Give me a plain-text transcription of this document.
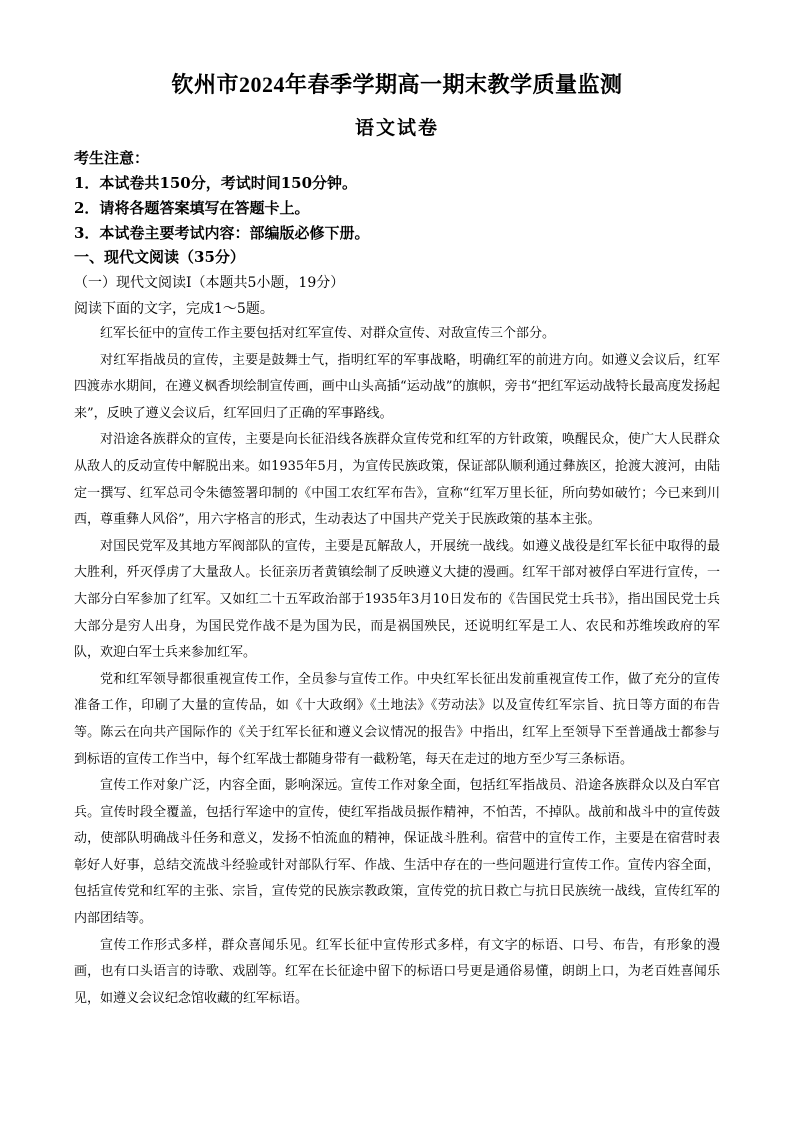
钦州市2024年春季学期高一期末教学质量监测
语文试卷
考生注意：
1．本试卷共150分，考试时间150分钟。
2．请将各题答案填写在答题卡上。
3．本试卷主要考试内容：部编版必修下册。
一、现代文阅读（35分）
（一）现代文阅读Ⅰ（本题共5小题，19分）
阅读下面的文字，完成1～5题。

红军长征中的宣传工作主要包括对红军宣传、对群众宣传、对敌宣传三个部分。

对红军指战员的宣传，主要是鼓舞士气，指明红军的军事战略，明确红军的前进方向。如遵义会议后，红军四渡赤水期间，在遵义枫香坝绘制宣传画，画中山头高插“运动战”的旗帜，旁书“把红军运动战特长最高度发扬起来”，反映了遵义会议后，红军回归了正确的军事路线。

对沿途各族群众的宣传，主要是向长征沿线各族群众宣传党和红军的方针政策，唤醒民众，使广大人民群众从敌人的反动宣传中解脱出来。如1935年5月，为宣传民族政策，保证部队顺利通过彝族区，抢渡大渡河，由陆定一撰写、红军总司令朱德签署印制的《中国工农红军布告》，宣称“红军万里长征，所向势如破竹；今已来到川西，尊重彝人风俗”，用六字格言的形式，生动表达了中国共产党关于民族政策的基本主张。

对国民党军及其地方军阀部队的宣传，主要是瓦解敌人，开展统一战线。如遵义战役是红军长征中取得的最大胜利，歼灭俘虏了大量敌人。长征亲历者黄镇绘制了反映遵义大捷的漫画。红军干部对被俘白军进行宣传，一大部分白军参加了红军。又如红二十五军政治部于1935年3月10日发布的《告国民党士兵书》，指出国民党士兵大部分是穷人出身，为国民党作战不是为国为民，而是祸国殃民，还说明红军是工人、农民和苏维埃政府的军队，欢迎白军士兵来参加红军。

党和红军领导都很重视宣传工作，全员参与宣传工作。中央红军长征出发前重视宣传工作，做了充分的宣传准备工作，印刷了大量的宣传品，如《十大政纲》《土地法》《劳动法》以及宣传红军宗旨、抗日等方面的布告等。陈云在向共产国际作的《关于红军长征和遵义会议情况的报告》中指出，红军上至领导下至普通战士都参与到标语的宣传工作当中，每个红军战士都随身带有一截粉笔，每天在走过的地方至少写三条标语。

宣传工作对象广泛，内容全面，影响深远。宣传工作对象全面，包括红军指战员、沿途各族群众以及白军官兵。宣传时段全覆盖，包括行军途中的宣传，使红军指战员振作精神，不怕苦，不掉队。战前和战斗中的宣传鼓动，使部队明确战斗任务和意义，发扬不怕流血的精神，保证战斗胜利。宿营中的宣传工作，主要是在宿营时表彰好人好事，总结交流战斗经验或针对部队行军、作战、生活中存在的一些问题进行宣传工作。宣传内容全面，包括宣传党和红军的主张、宗旨，宣传党的民族宗教政策，宣传党的抗日救亡与抗日民族统一战线，宣传红军的内部团结等。

宣传工作形式多样，群众喜闻乐见。红军长征中宣传形式多样，有文字的标语、口号、布告，有形象的漫画，也有口头语言的诗歌、戏剧等。红军在长征途中留下的标语口号更是通俗易懂，朗朗上口，为老百姓喜闻乐见，如遵义会议纪念馆收藏的红军标语。
